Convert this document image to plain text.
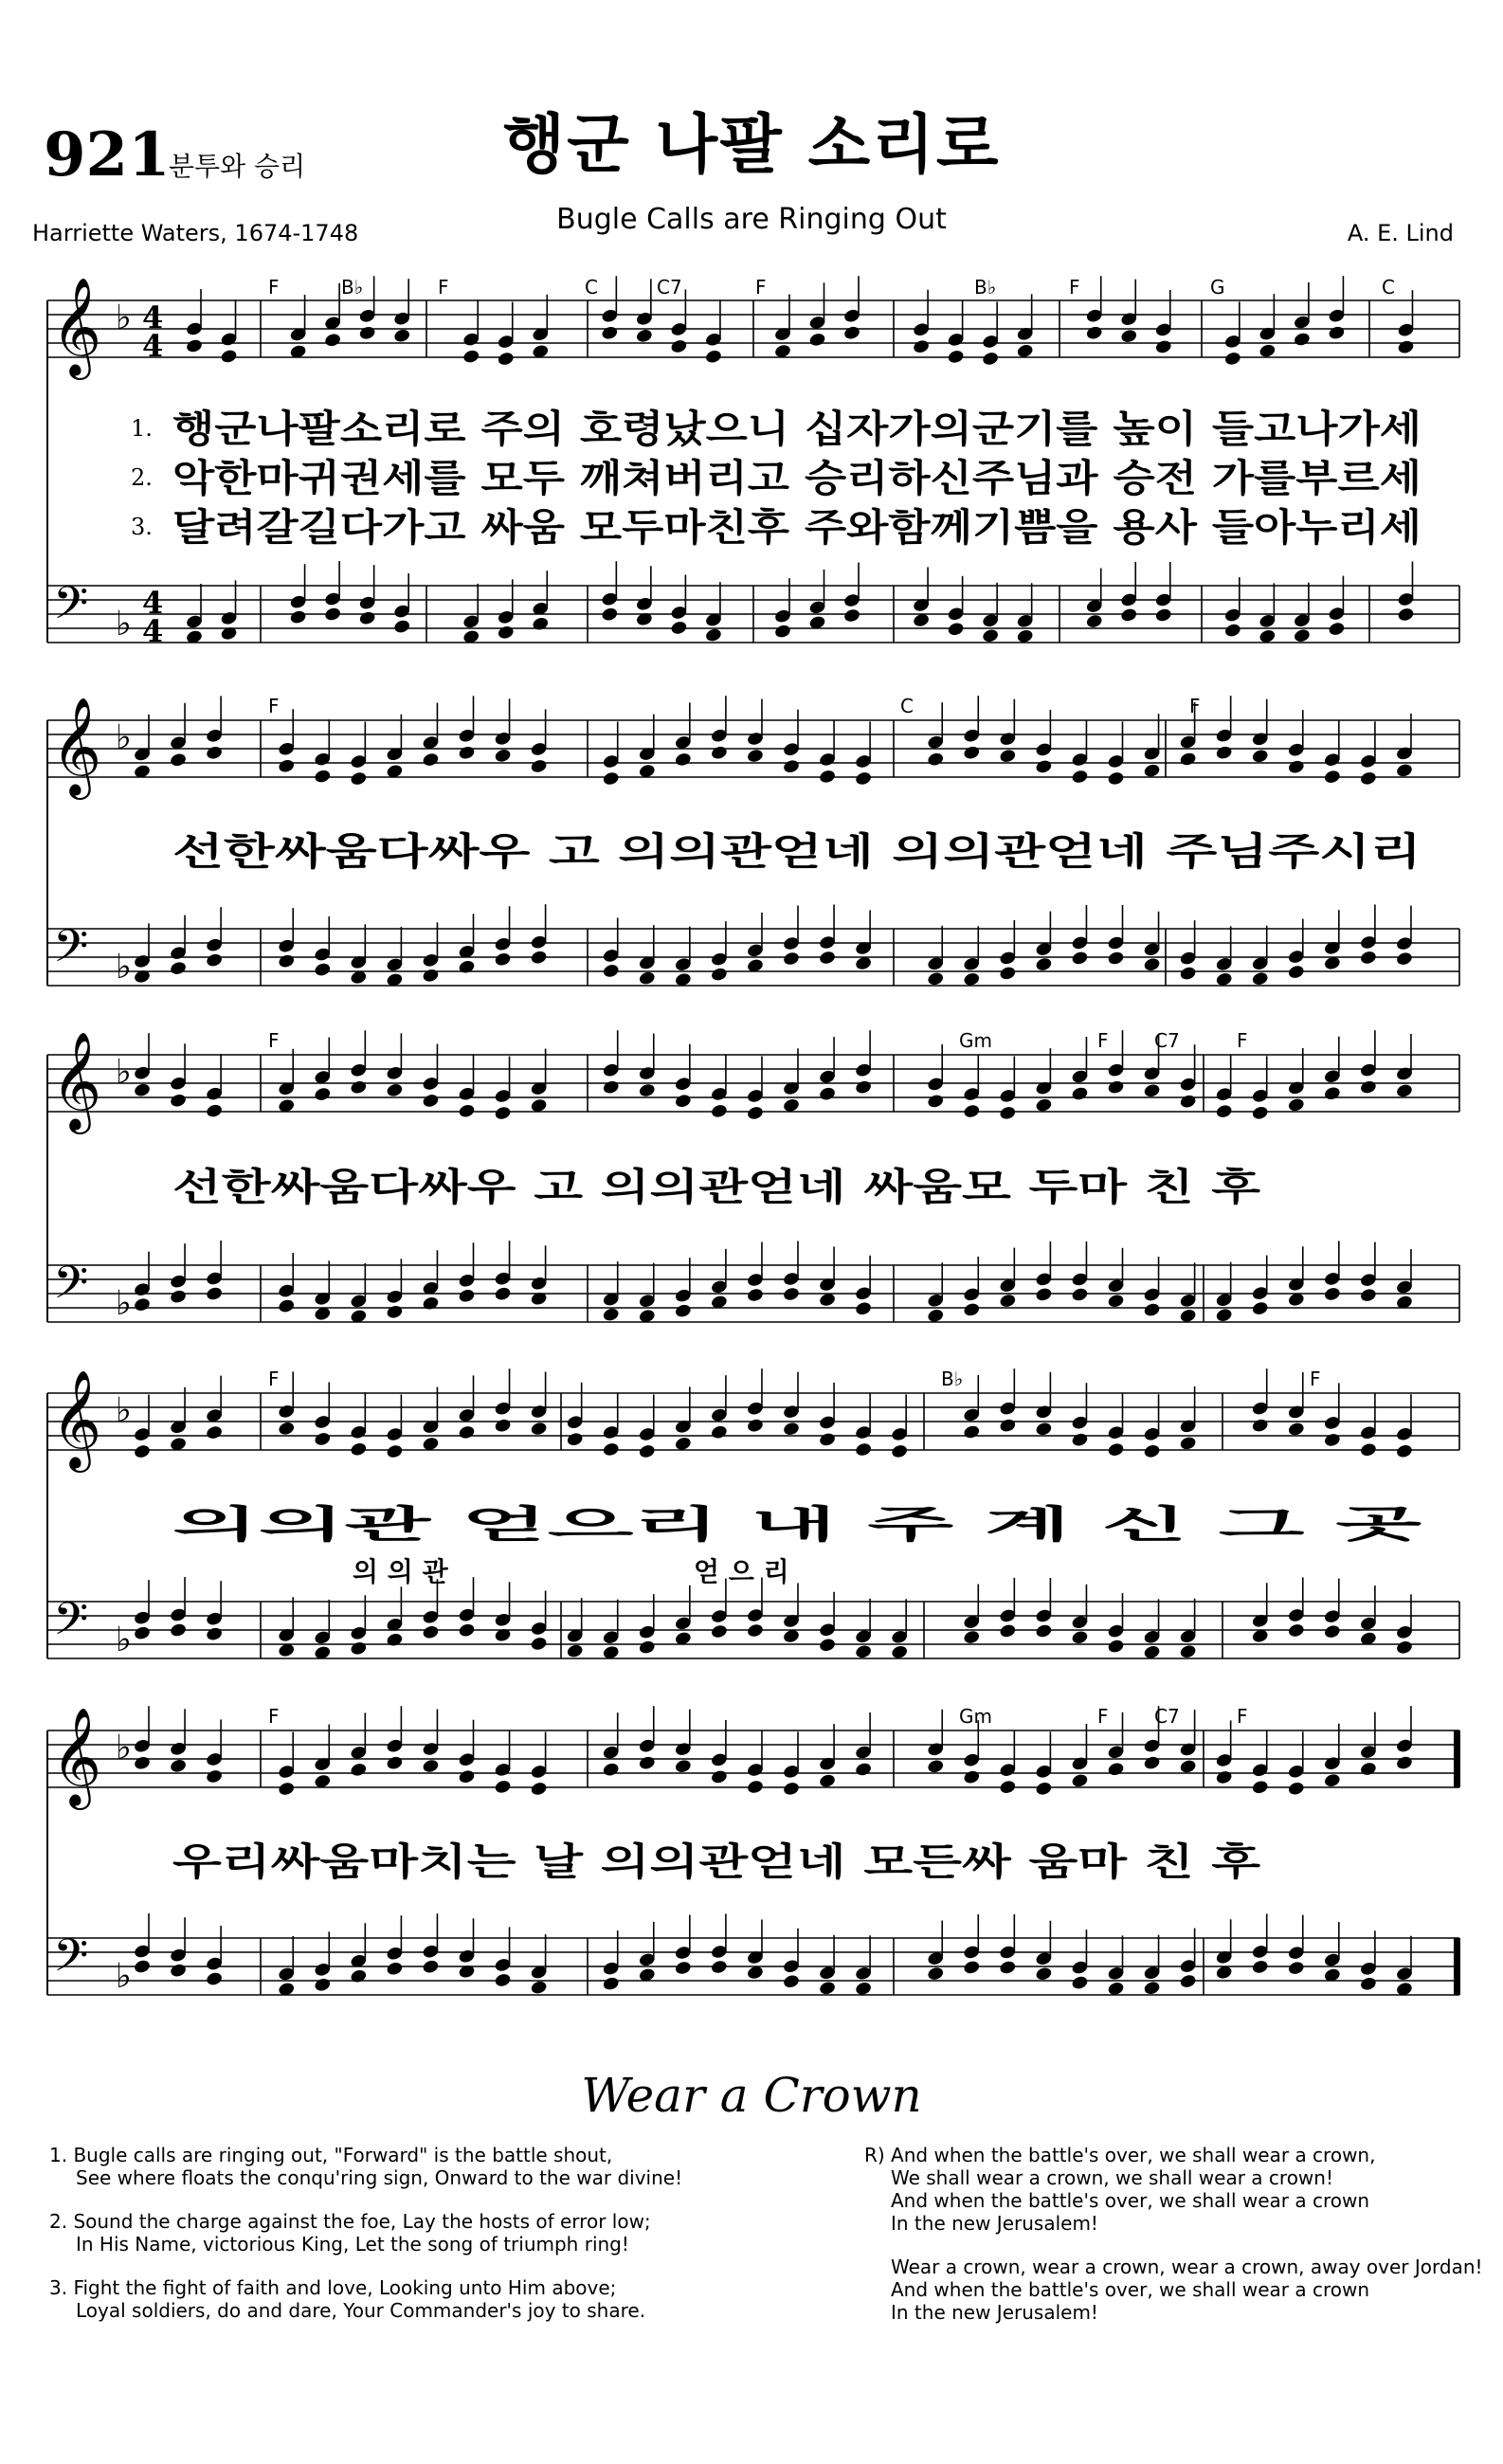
921
분투와 승리	행군 나팔 소리로
Bugle Calls are Ringing Out
Harriette Waters, 1674-1748	A. E. Lind
𝄞 ♭ 4
4
𝄢 ♭
4
4
𝄞 ♭
𝄢 ♭
𝄞 ♭
𝄢 ♭
𝄞 ♭
𝄢 ♭
𝄞 ♭
𝄢 ♭
F	B♭	F	C	C7	F	B♭	F	G	C
F	C	F
F	Gm	F C7	F
F	B♭	F
F	Gm	F C7	F
1.
2.
3.
행군나팔소리로 주의 호령났으니 십자가의군기를 높이 들고나가세
악한마귀권세를 모두 깨쳐버리고 승리하신주님과 승전 가를부르세
달려갈길다가고 싸움 모두마친후 주와함께기쁨을 용사 들아누리세
선한싸움다싸우 고 의의관얻네 의의관얻네 주님주시리
선한싸움다싸우 고 의의관얻네 싸움모 두마 친 후
의의관 얻으리 내 주 계 신 그 곳
의 의 관	얻 으 리
우리싸움마치는 날 의의관얻네 모든싸 움마 친 후
Wear a Crown
1. Bugle calls are ringing out, "Forward" is the battle shout,
See where floats the conqu'ring sign, Onward to the war divine!
2. Sound the charge against the foe, Lay the hosts of error low;
In His Name, victorious King, Let the song of triumph ring!
3. Fight the fight of faith and love, Looking unto Him above;
Loyal soldiers, do and dare, Your Commander's joy to share.
R) And when the battle's over, we shall wear a crown,
We shall wear a crown, we shall wear a crown!
And when the battle's over, we shall wear a crown
In the new Jerusalem!
Wear a crown, wear a crown, wear a crown, away over Jordan!
And when the battle's over, we shall wear a crown
In the new Jerusalem!
